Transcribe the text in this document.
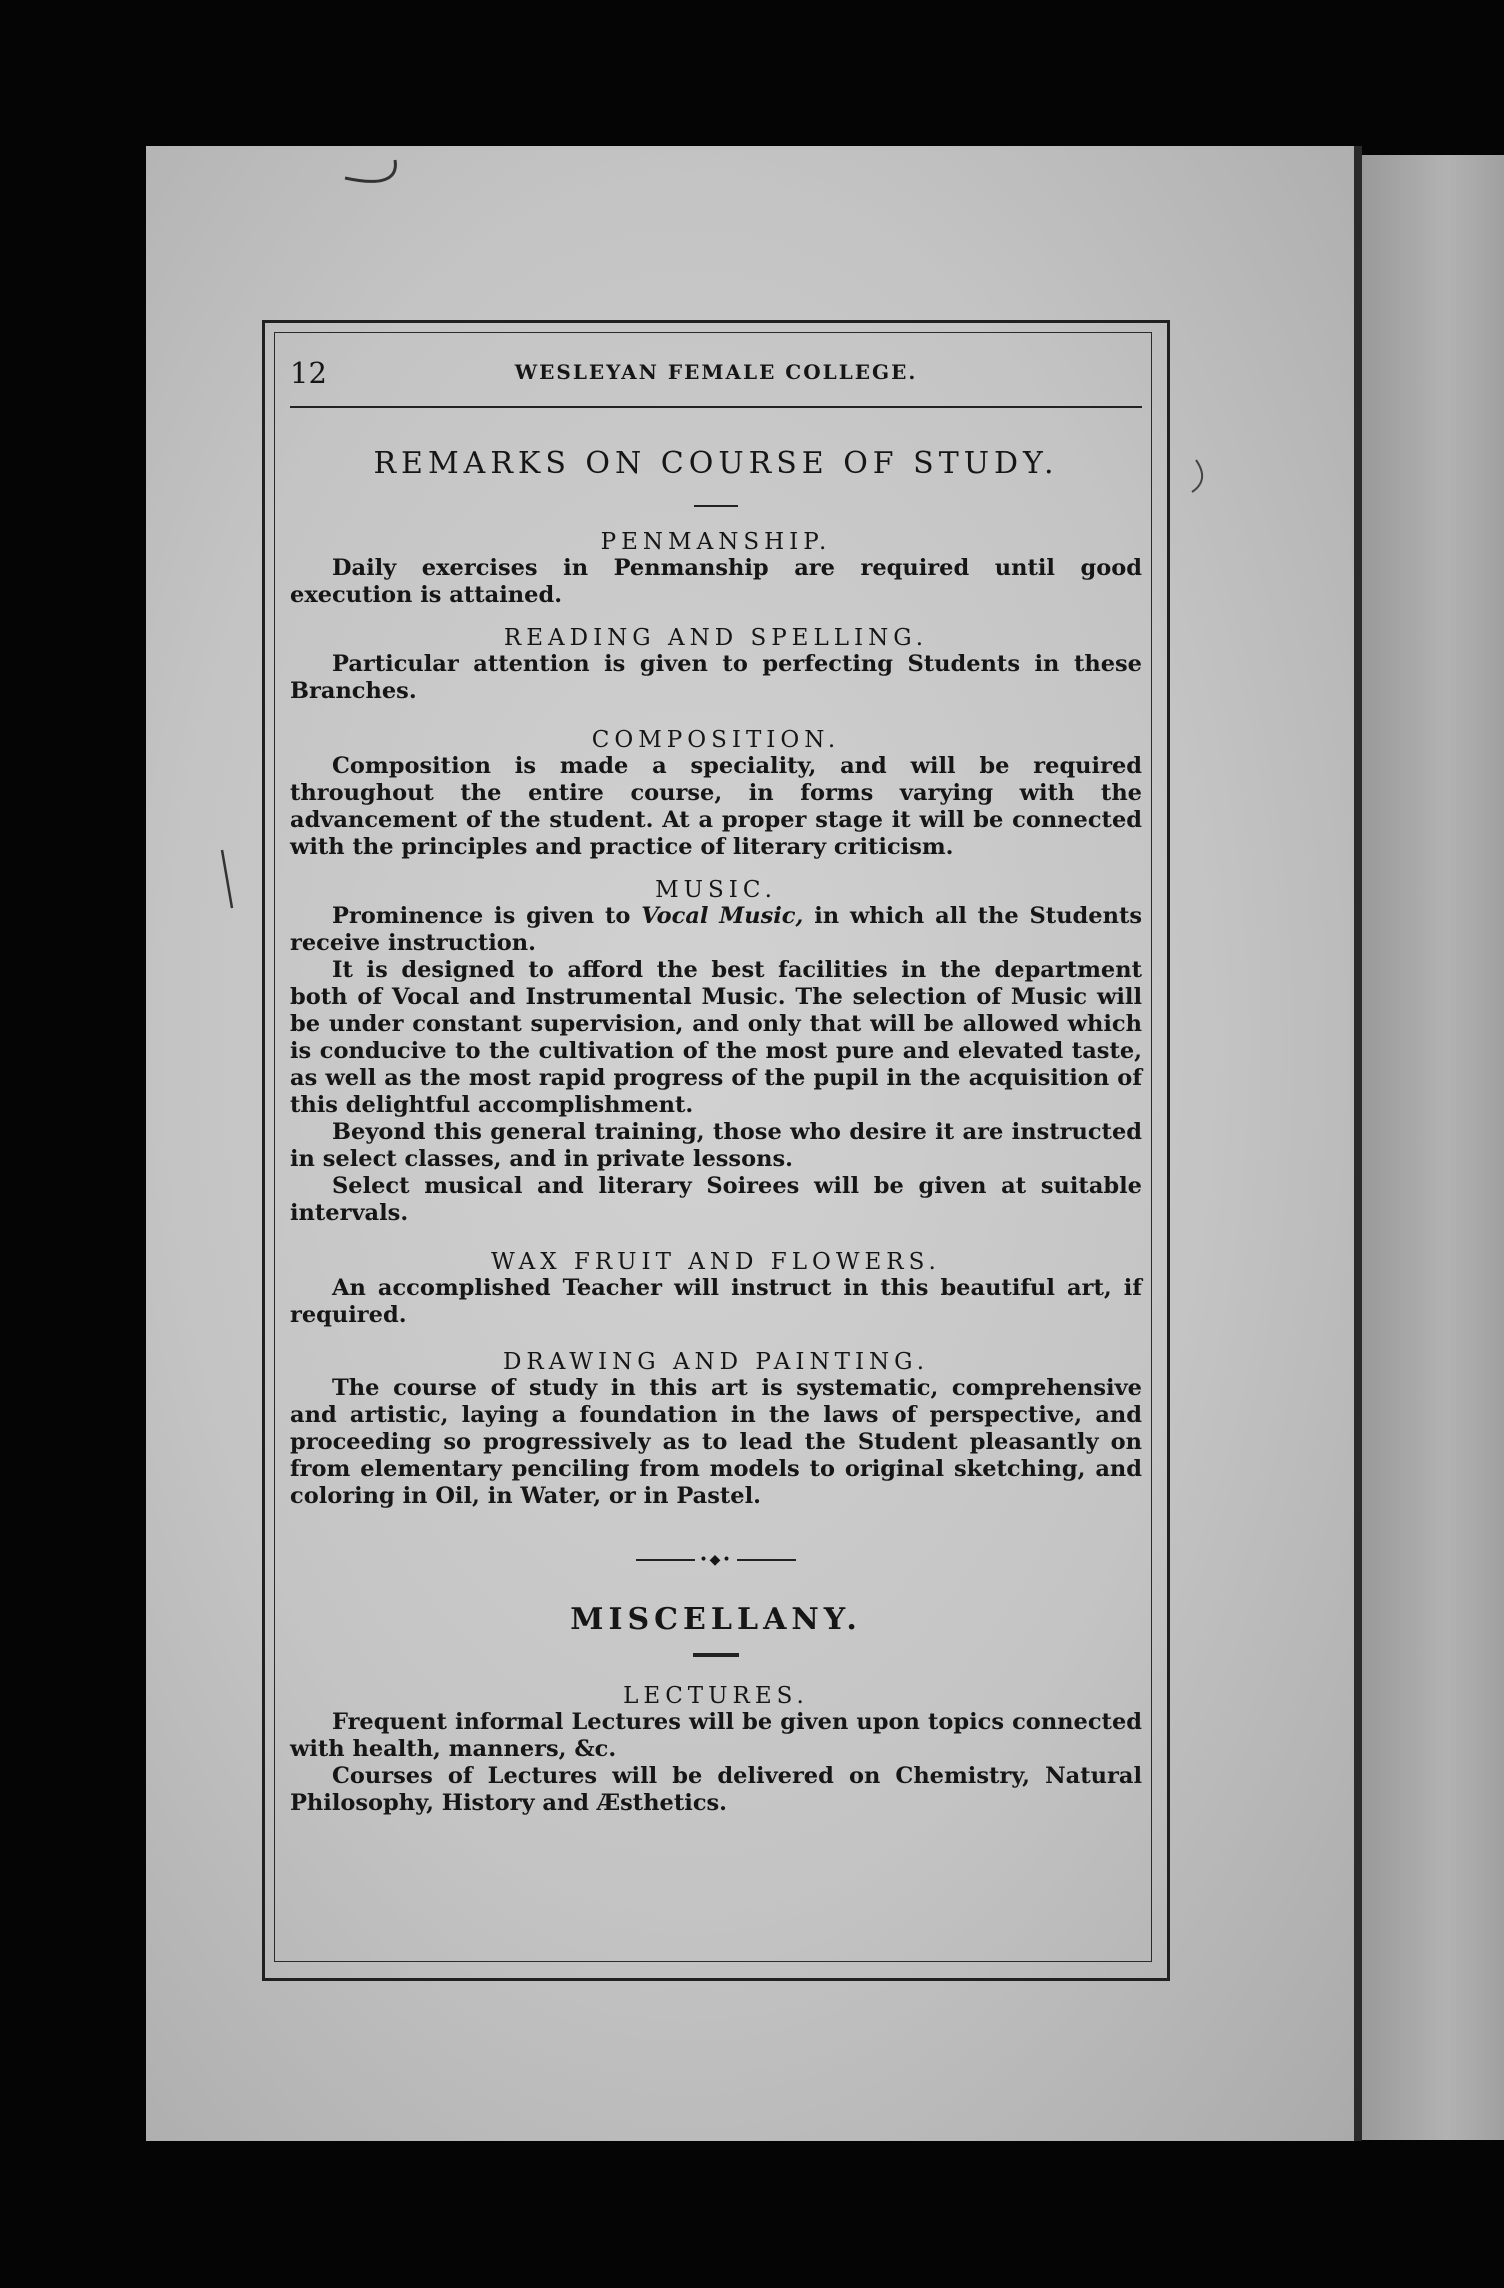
12	WESLEYAN FEMALE COLLEGE.
REMARKS ON COURSE OF STUDY.
PENMANSHIP.

Daily exercises in Penmanship are required until good execution is attained.

READING AND SPELLING.

Particular attention is given to perfecting Students in these Branches.

COMPOSITION.

Composition is made a speciality, and will be required throughout the entire course, in forms varying with the advancement of the student. At a proper stage it will be connected with the principles and practice of literary criticism.

MUSIC.

Prominence is given to Vocal Music, in which all the Students receive instruction.

It is designed to afford the best facilities in the department both of Vocal and Instrumental Music. The selection of Music will be under constant supervision, and only that will be allowed which is conducive to the cultivation of the most pure and elevated taste, as well as the most rapid progress of the pupil in the acquisition of this delightful accomplishment.

Beyond this general training, those who desire it are instructed in select classes, and in private lessons.

Select musical and literary Soirees will be given at suitable intervals.

WAX FRUIT AND FLOWERS.

An accomplished Teacher will instruct in this beautiful art, if required.

DRAWING AND PAINTING.

The course of study in this art is systematic, comprehensive and artistic, laying a foundation in the laws of perspective, and proceeding so progressively as to lead the Student pleasantly on from elementary penciling from models to original sketching, and coloring in Oil, in Water, or in Pastel.

•◆•
MISCELLANY.
LECTURES.

Frequent informal Lectures will be given upon topics connected with health, manners, &c.

Courses of Lectures will be delivered on Chemistry, Natural Philosophy, History and Æsthetics.
